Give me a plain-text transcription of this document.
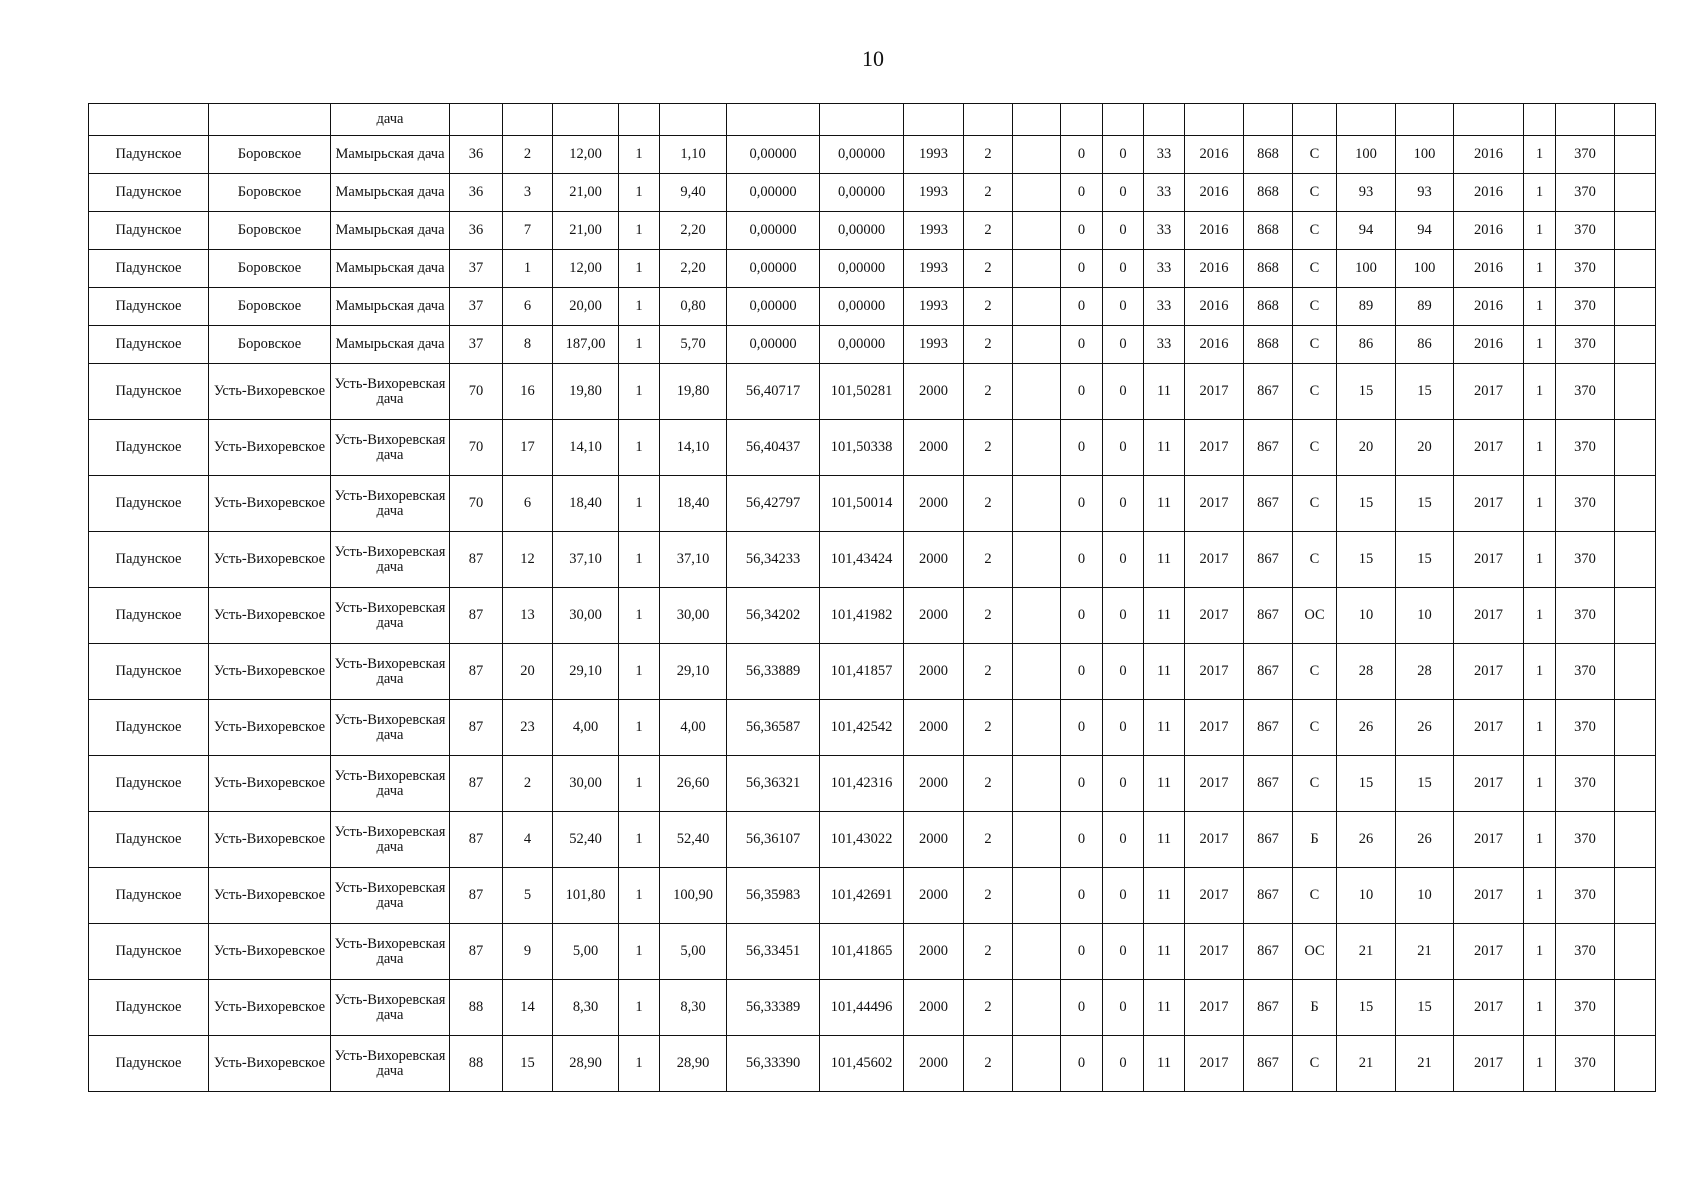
10
		дача																						
Падунское	Боровское	Мамырьская дача	36	2	12,00	1	1,10	0,00000	0,00000	1993	2		0	0	33	2016	868	С	100	100	2016	1	370	
Падунское	Боровское	Мамырьская дача	36	3	21,00	1	9,40	0,00000	0,00000	1993	2		0	0	33	2016	868	С	93	93	2016	1	370	
Падунское	Боровское	Мамырьская дача	36	7	21,00	1	2,20	0,00000	0,00000	1993	2		0	0	33	2016	868	С	94	94	2016	1	370	
Падунское	Боровское	Мамырьская дача	37	1	12,00	1	2,20	0,00000	0,00000	1993	2		0	0	33	2016	868	С	100	100	2016	1	370	
Падунское	Боровское	Мамырьская дача	37	6	20,00	1	0,80	0,00000	0,00000	1993	2		0	0	33	2016	868	С	89	89	2016	1	370	
Падунское	Боровское	Мамырьская дача	37	8	187,00	1	5,70	0,00000	0,00000	1993	2		0	0	33	2016	868	С	86	86	2016	1	370	
Падунское	Усть-Вихоревское	Усть-Вихоревская дача	70	16	19,80	1	19,80	56,40717	101,50281	2000	2		0	0	11	2017	867	С	15	15	2017	1	370	
Падунское	Усть-Вихоревское	Усть-Вихоревская дача	70	17	14,10	1	14,10	56,40437	101,50338	2000	2		0	0	11	2017	867	С	20	20	2017	1	370	
Падунское	Усть-Вихоревское	Усть-Вихоревская дача	70	6	18,40	1	18,40	56,42797	101,50014	2000	2		0	0	11	2017	867	С	15	15	2017	1	370	
Падунское	Усть-Вихоревское	Усть-Вихоревская дача	87	12	37,10	1	37,10	56,34233	101,43424	2000	2		0	0	11	2017	867	С	15	15	2017	1	370	
Падунское	Усть-Вихоревское	Усть-Вихоревская дача	87	13	30,00	1	30,00	56,34202	101,41982	2000	2		0	0	11	2017	867	ОС	10	10	2017	1	370	
Падунское	Усть-Вихоревское	Усть-Вихоревская дача	87	20	29,10	1	29,10	56,33889	101,41857	2000	2		0	0	11	2017	867	С	28	28	2017	1	370	
Падунское	Усть-Вихоревское	Усть-Вихоревская дача	87	23	4,00	1	4,00	56,36587	101,42542	2000	2		0	0	11	2017	867	С	26	26	2017	1	370	
Падунское	Усть-Вихоревское	Усть-Вихоревская дача	87	2	30,00	1	26,60	56,36321	101,42316	2000	2		0	0	11	2017	867	С	15	15	2017	1	370	
Падунское	Усть-Вихоревское	Усть-Вихоревская дача	87	4	52,40	1	52,40	56,36107	101,43022	2000	2		0	0	11	2017	867	Б	26	26	2017	1	370	
Падунское	Усть-Вихоревское	Усть-Вихоревская дача	87	5	101,80	1	100,90	56,35983	101,42691	2000	2		0	0	11	2017	867	С	10	10	2017	1	370	
Падунское	Усть-Вихоревское	Усть-Вихоревская дача	87	9	5,00	1	5,00	56,33451	101,41865	2000	2		0	0	11	2017	867	ОС	21	21	2017	1	370	
Падунское	Усть-Вихоревское	Усть-Вихоревская дача	88	14	8,30	1	8,30	56,33389	101,44496	2000	2		0	0	11	2017	867	Б	15	15	2017	1	370	
Падунское	Усть-Вихоревское	Усть-Вихоревская дача	88	15	28,90	1	28,90	56,33390	101,45602	2000	2		0	0	11	2017	867	С	21	21	2017	1	370	
